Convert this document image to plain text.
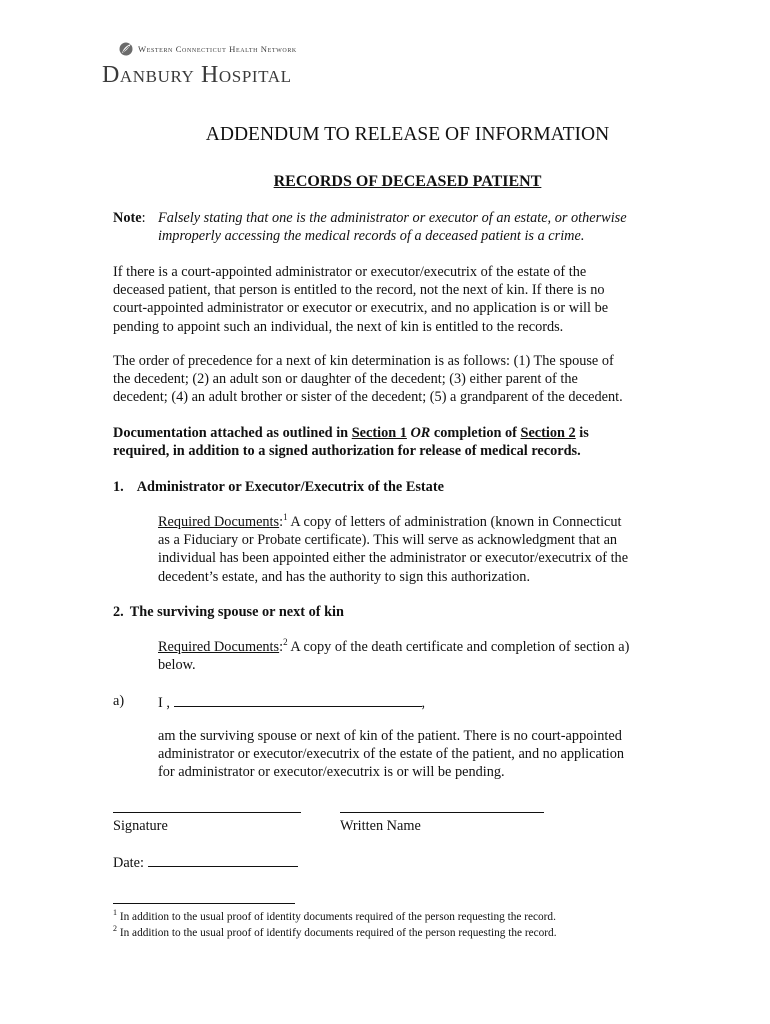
Western Connecticut Health Network
Danbury Hospital
ADDENDUM TO RELEASE OF INFORMATION
RECORDS OF DECEASED PATIENT
Note: Falsely stating that one is the administrator or executor of an estate, or otherwise
improperly accessing the medical records of a deceased patient is a crime.
If there is a court-appointed administrator or executor/executrix of the estate of the
deceased patient, that person is entitled to the record, not the next of kin. If there is no
court-appointed administrator or executor or executrix, and no application is or will be
pending to appoint such an individual, the next of kin is entitled to the records.
The order of precedence for a next of kin determination is as follows: (1) The spouse of
the decedent; (2) an adult son or daughter of the decedent; (3) either parent of the
decedent; (4) an adult brother or sister of the decedent; (5) a grandparent of the decedent.
Documentation attached as outlined in Section 1 OR completion of Section 2 is
required, in addition to a signed authorization for release of medical records.
1. Administrator or Executor/Executrix of the Estate
Required Documents:$^1$ A copy of letters of administration (known in Connecticut
as a Fiduciary or Probate certificate). This will serve as acknowledgment that an
individual has been appointed either the administrator or executor/executrix of the
decedent’s estate, and has the authority to sign this authorization.
2. The surviving spouse or next of kin
Required Documents:$^2$ A copy of the death certificate and completion of section a)
below.
a) I ,	,
am the surviving spouse or next of kin of the patient. There is no court-appointed
administrator or executor/executrix of the estate of the patient, and no application
for administrator or executor/executrix is or will be pending.
Signature	Written Name
Date:
$^1$ In addition to the usual proof of identity documents required of the person requesting the record.
$^2$ In addition to the usual proof of identify documents required of the person requesting the record.
